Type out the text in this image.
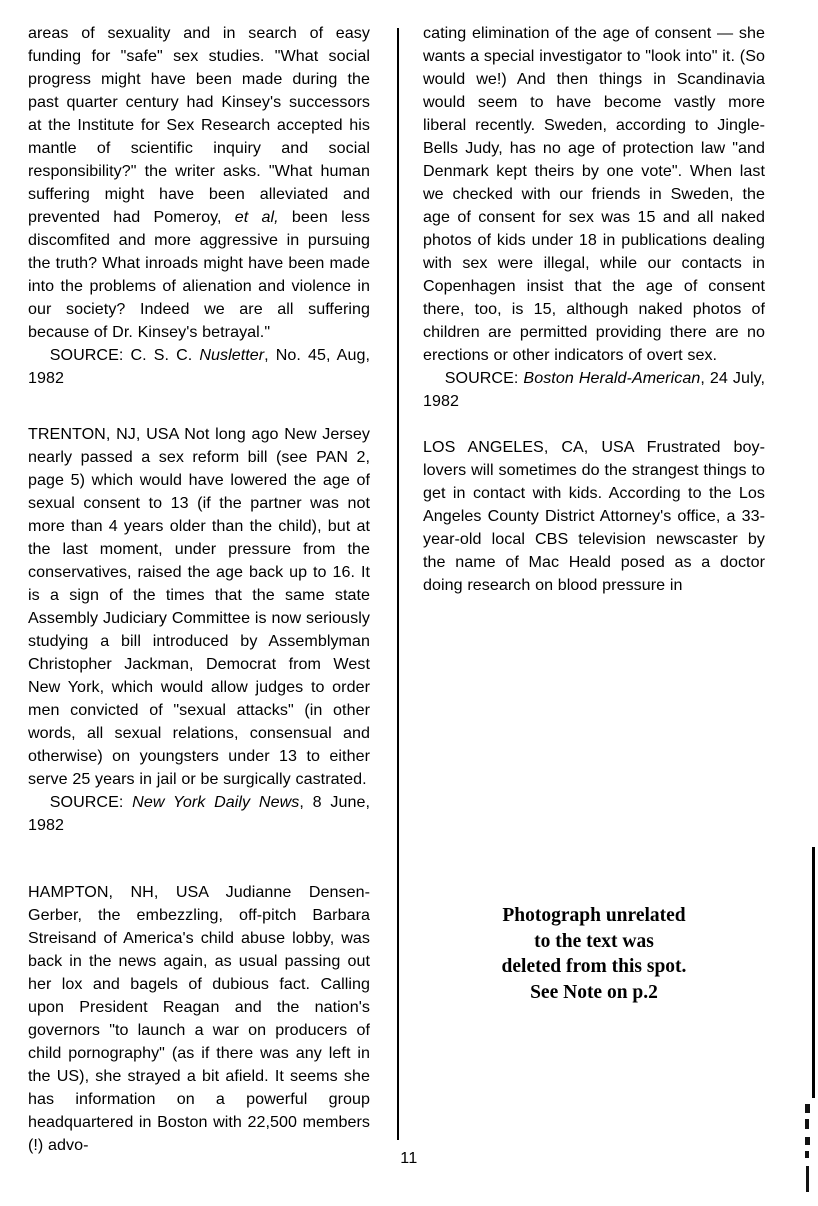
areas of sexuality and in search of easy funding for "safe" sex studies. "What social progress might have been made during the past quarter century had Kinsey's successors at the Institute for Sex Research accepted his mantle of scientific inquiry and social responsibility?" the writer asks. "What human suffering might have been alleviated and prevented had Pomeroy, et al, been less discomfited and more aggressive in pursuing the truth? What inroads might have been made into the problems of alienation and violence in our society? Indeed we are all suffering because of Dr. Kinsey's betrayal."

SOURCE: C. S. C. Nusletter, No. 45, Aug, 1982

TRENTON, NJ, USA Not long ago New Jersey nearly passed a sex reform bill (see PAN 2, page 5) which would have lowered the age of sexual consent to 13 (if the partner was not more than 4 years older than the child), but at the last moment, under pressure from the conservatives, raised the age back up to 16. It is a sign of the times that the same state Assembly Judiciary Committee is now seriously studying a bill introduced by Assemblyman Christopher Jackman, Democrat from West New York, which would allow judges to order men convicted of "sexual attacks" (in other words, all sexual relations, consensual and otherwise) on youngsters under 13 to either serve 25 years in jail or be surgically castrated.

SOURCE: New York Daily News, 8 June, 1982

HAMPTON, NH, USA Judianne Densen-Gerber, the embezzling, off-pitch Barbara Streisand of America's child abuse lobby, was back in the news again, as usual passing out her lox and bagels of dubious fact. Calling upon President Reagan and the nation's governors "to launch a war on producers of child pornography" (as if there was any left in the US), she strayed a bit afield. It seems she has information on a powerful group headquartered in Boston with 22,500 members (!) advo-

cating elimination of the age of consent — she wants a special investigator to "look into" it. (So would we!) And then things in Scandinavia would seem to have become vastly more liberal recently. Sweden, according to Jingle-Bells Judy, has no age of protection law "and Denmark kept theirs by one vote". When last we checked with our friends in Sweden, the age of consent for sex was 15 and all naked photos of kids under 18 in publications dealing with sex were illegal, while our contacts in Copenhagen insist that the age of consent there, too, is 15, although naked photos of children are permitted providing there are no erections or other indicators of overt sex.

SOURCE: Boston Herald-American, 24 July, 1982

LOS ANGELES, CA, USA Frustrated boy-lovers will sometimes do the strangest things to get in contact with kids. According to the Los Angeles County District Attorney's office, a 33-year-old local CBS television newscaster by the name of Mac Heald posed as a doctor doing research on blood pressure in

Photograph unrelated
to the text was
deleted from this spot.
See Note on p.2
11
